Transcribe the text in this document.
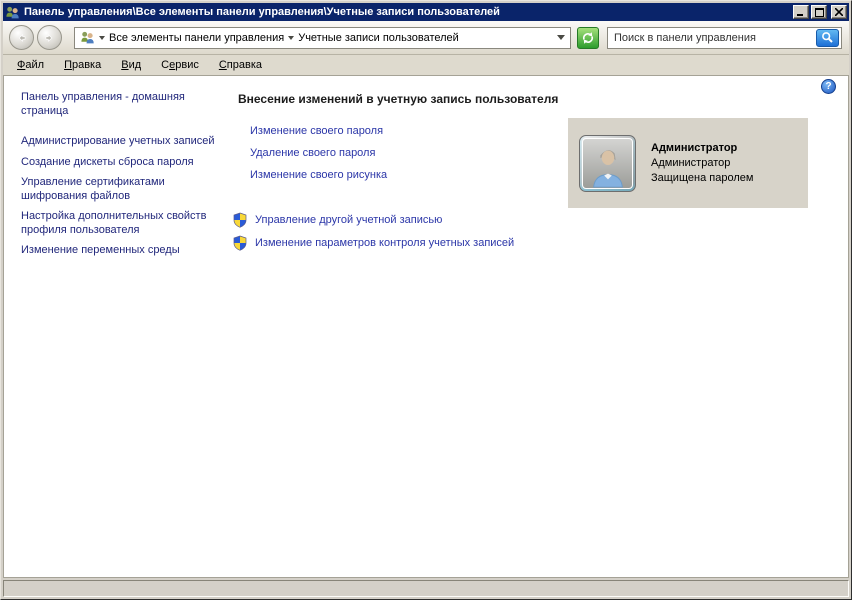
Панель управления\Все элементы панели управления\Учетные записи пользователей
Все элементы панели управления Учетные записи пользователей
Поиск в панели управления
Файл	Правка	Вид	Сервис	Справка
?
Панель управления - домашняя страница
Администрирование учетных записей
Создание дискеты сброса пароля
Управление сертификатами шифрования файлов
Настройка дополнительных свойств профиля пользователя
Изменение переменных среды
Внесение изменений в учетную запись пользователя
Изменение своего пароля
Удаление своего пароля
Изменение своего рисунка
Управление другой учетной записью
Изменение параметров контроля учетных записей
Администратор
Администратор
Защищена паролем
